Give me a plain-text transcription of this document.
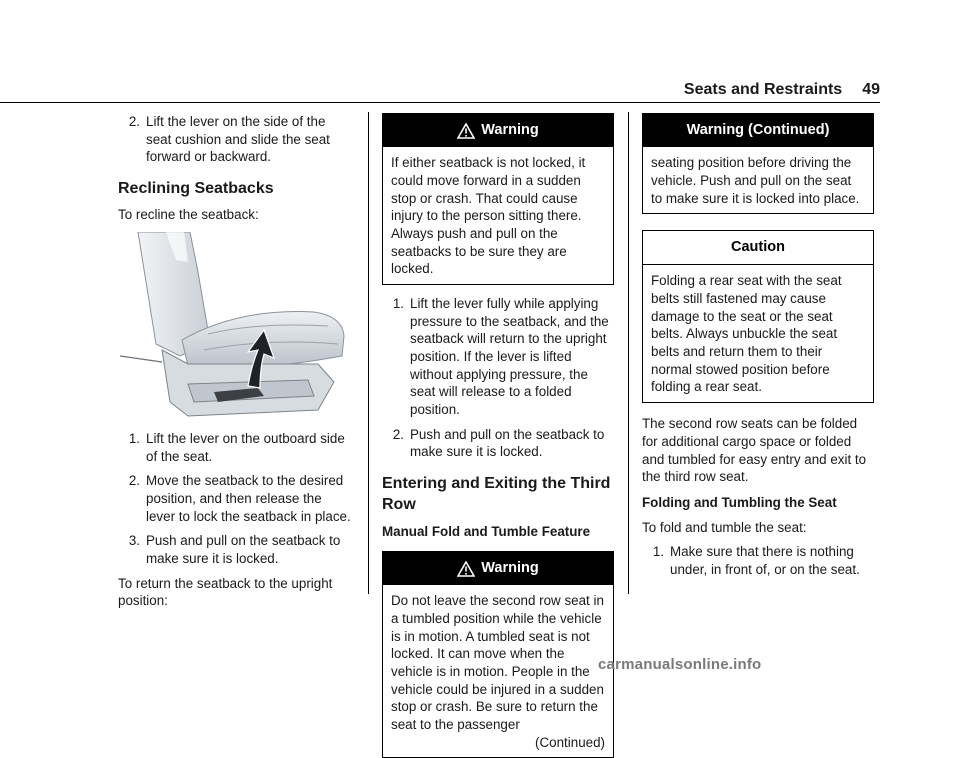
Seats and Restraints 49
2. Lift the lever on the side of the seat cushion and slide the seat forward or backward.
Reclining Seatbacks

To recline the seatback:

1. Lift the lever on the outboard side of the seat.
2. Move the seatback to the desired position, and then release the lever to lock the seatback in place.
3. Push and pull on the seatback to make sure it is locked.

To return the seatback to the upright position:

Warning
If either seatback is not locked, it could move forward in a sudden stop or crash. That could cause injury to the person sitting there. Always push and pull on the seatbacks to be sure they are locked.
1. Lift the lever fully while applying pressure to the seatback, and the seatback will return to the upright position. If the lever is lifted without applying pressure, the seat will release to a folded position.
2. Push and pull on the seatback to make sure it is locked.
Entering and Exiting the Third Row
Manual Fold and Tumble Feature
Warning
Do not leave the second row seat in a tumbled position while the vehicle is in motion. A tumbled seat is not locked. It can move when the vehicle is in motion. People in the vehicle could be injured in a sudden stop or crash. Be sure to return the seat to the passenger
(Continued)
Warning (Continued)
seating position before driving the vehicle. Push and pull on the seat to make sure it is locked into place.
Caution
Folding a rear seat with the seat belts still fastened may cause damage to the seat or the seat belts. Always unbuckle the seat belts and return them to their normal stowed position before folding a rear seat.

The second row seats can be folded for additional cargo space or folded and tumbled for easy entry and exit to the third row seat.

Folding and Tumbling the Seat

To fold and tumble the seat:

1. Make sure that there is nothing under, in front of, or on the seat.
carmanualsonline.info
